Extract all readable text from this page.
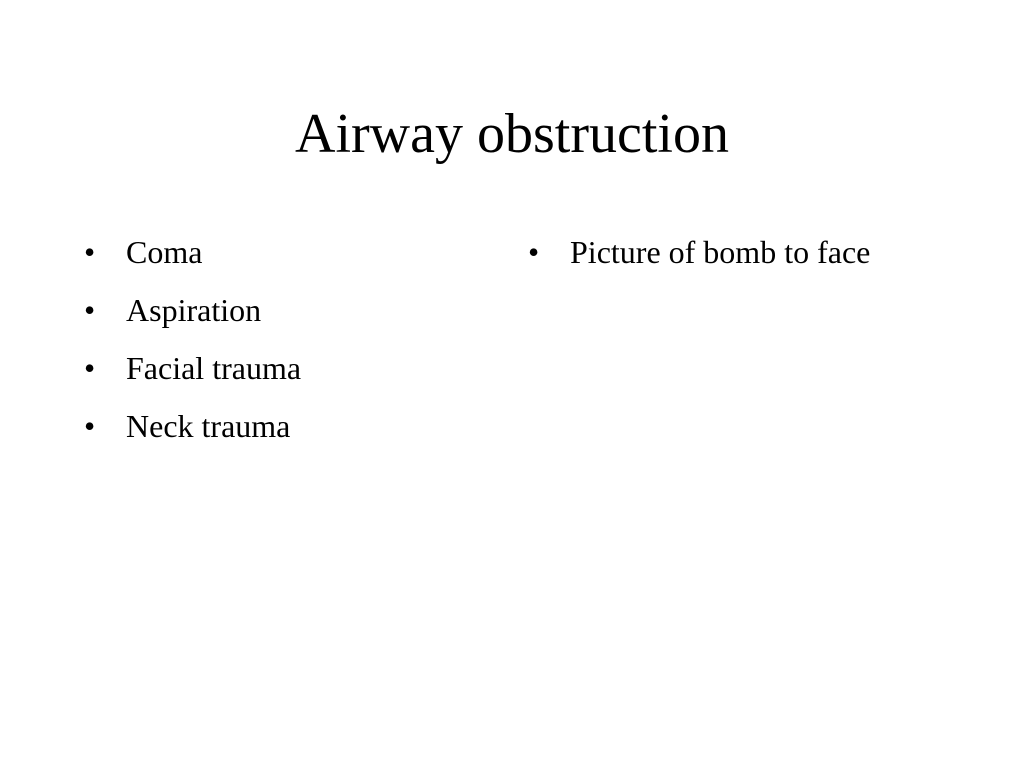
Airway obstruction
• Coma
• Aspiration
• Facial trauma
• Neck trauma
• Picture of bomb to face
